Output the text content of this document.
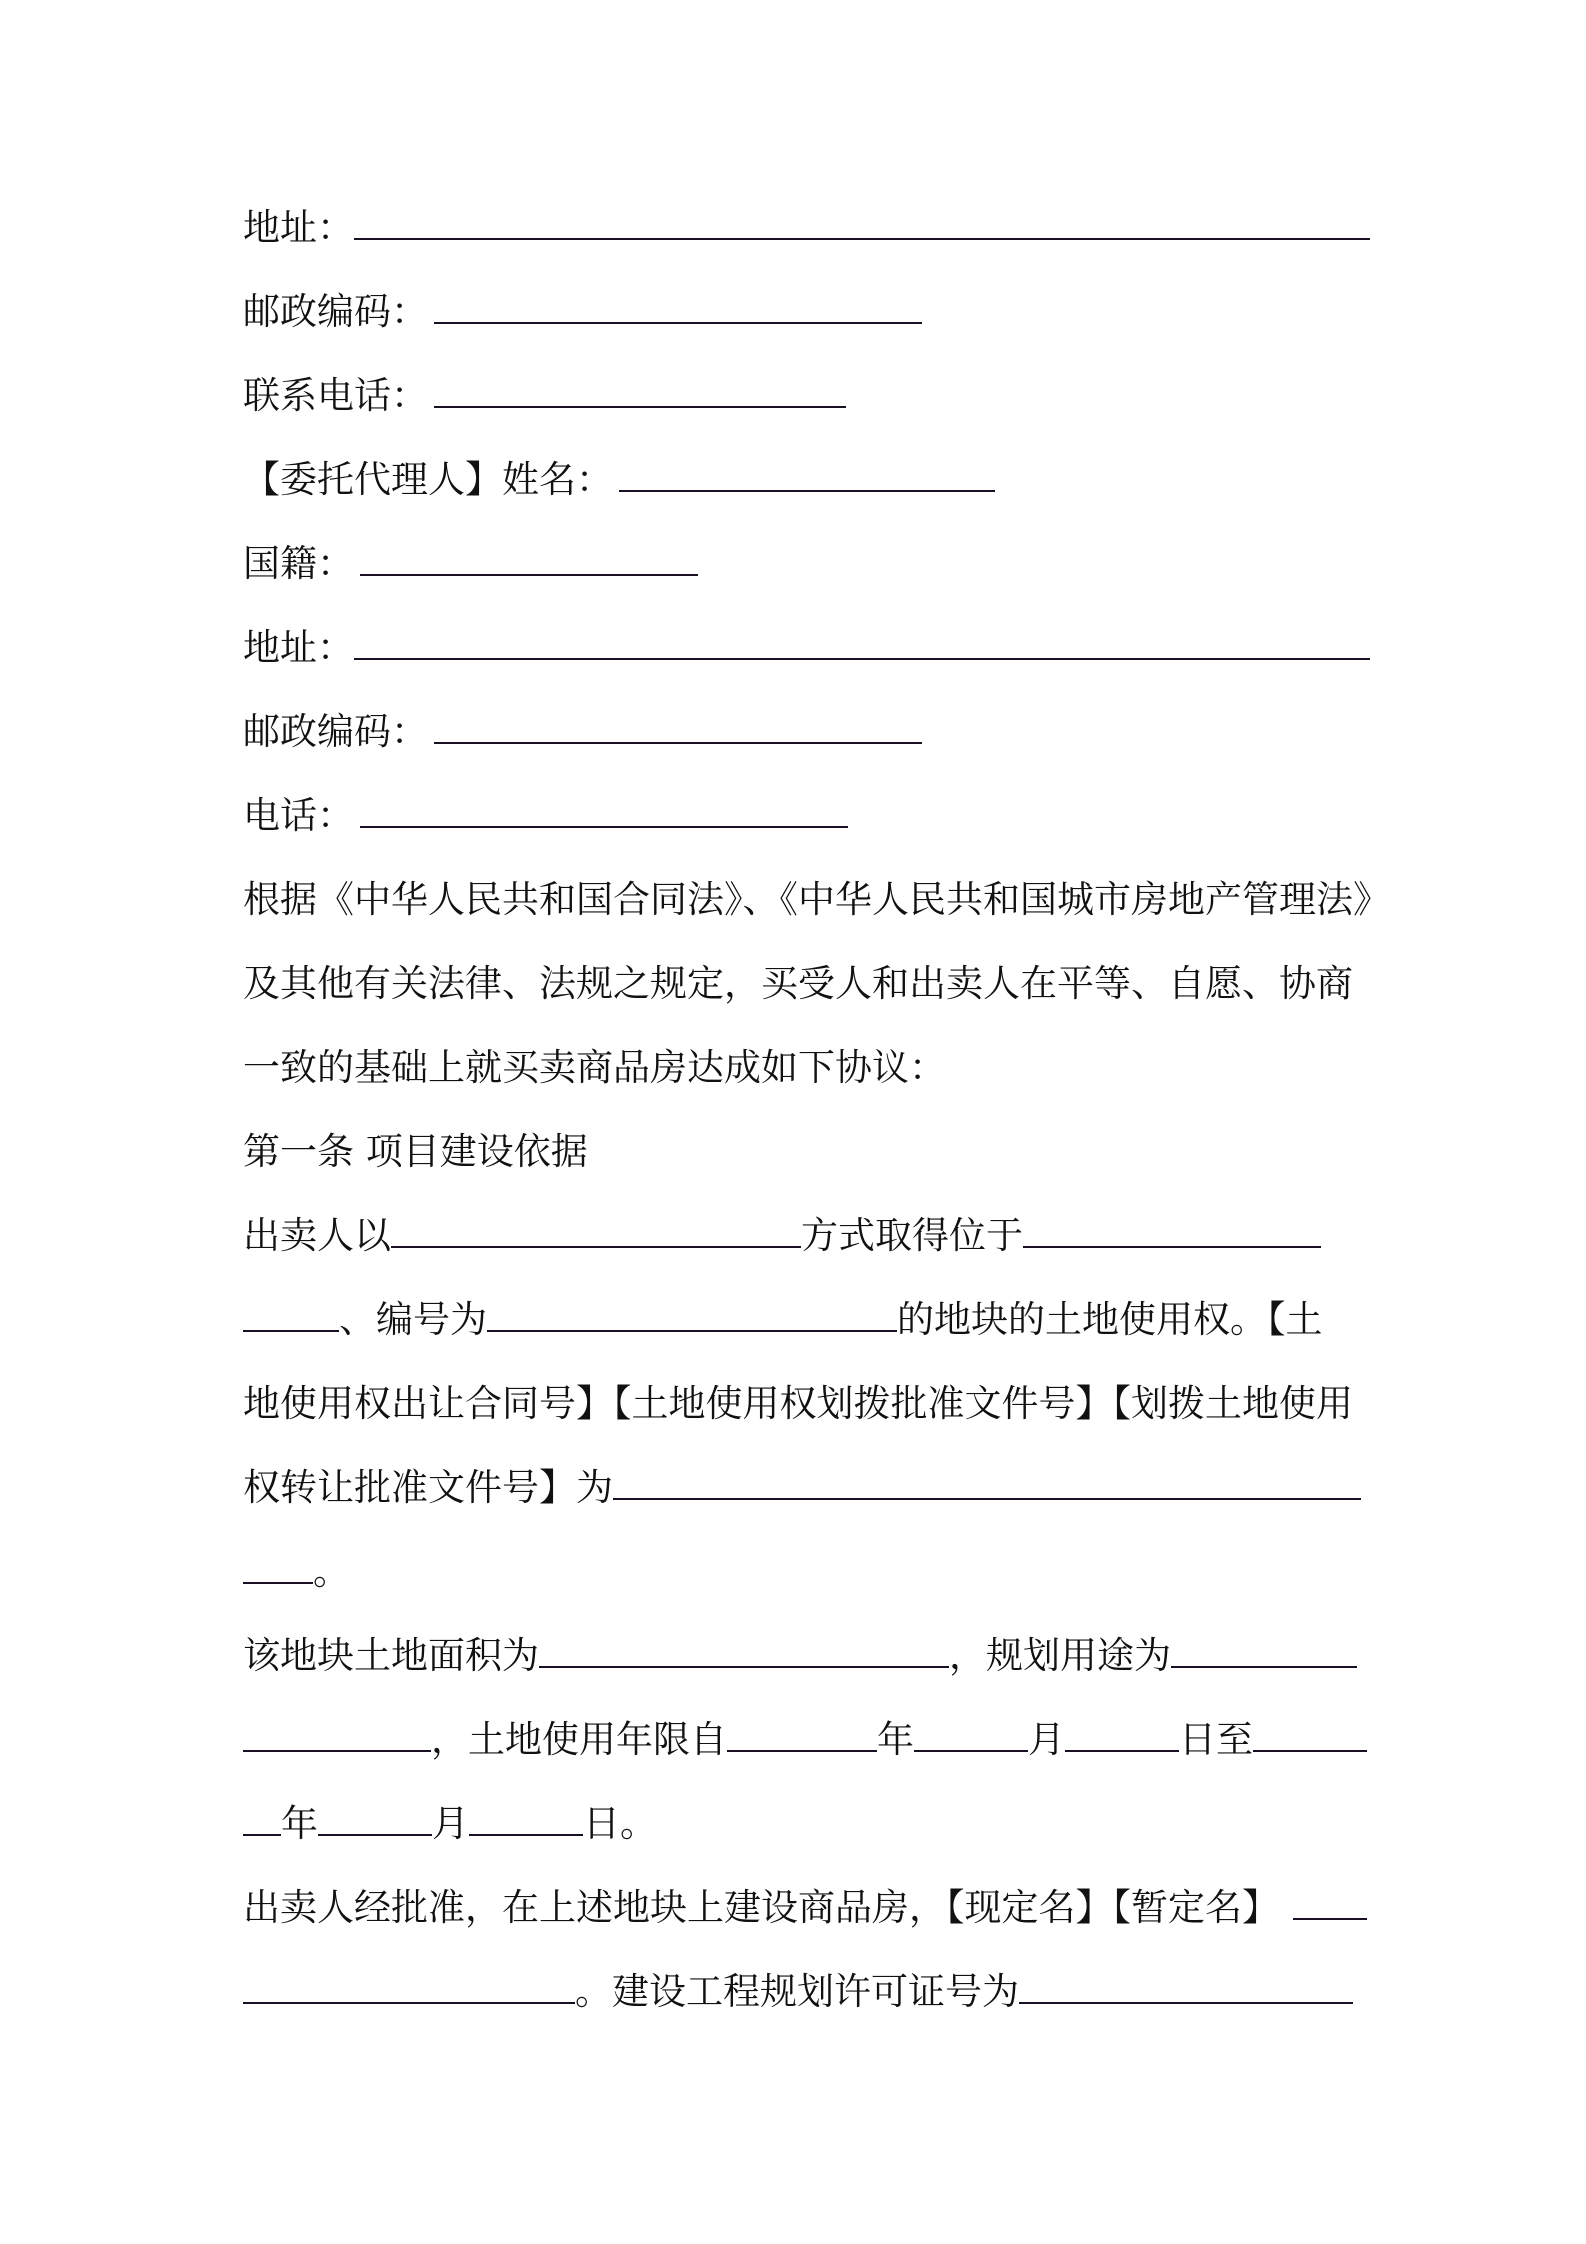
地址：
邮政编码：
联系电话：
【委托代理人】姓名：
国籍：
地址：
邮政编码：
电话：
根据《中华人民共和国合同法》、《中华人民共和国城市房地产管理法》
及其他有关法律、法规之规定，买受人和出卖人在平等、自愿、协商
一致的基础上就买卖商品房达成如下协议：
第一条 项目建设依据
出卖人以	方式取得位于
、编号为	的地块的土地使用权。【土
地使用权出让合同号】【土地使用权划拨批准文件号】【划拨土地使用
权转让批准文件号】为
。
该地块土地面积为	，规划用途为
，土地使用年限自	年	月	日至
年	月	日。
出卖人经批准，在上述地块上建设商品房，【现定名】【暂定名】
。建设工程规划许可证号为
